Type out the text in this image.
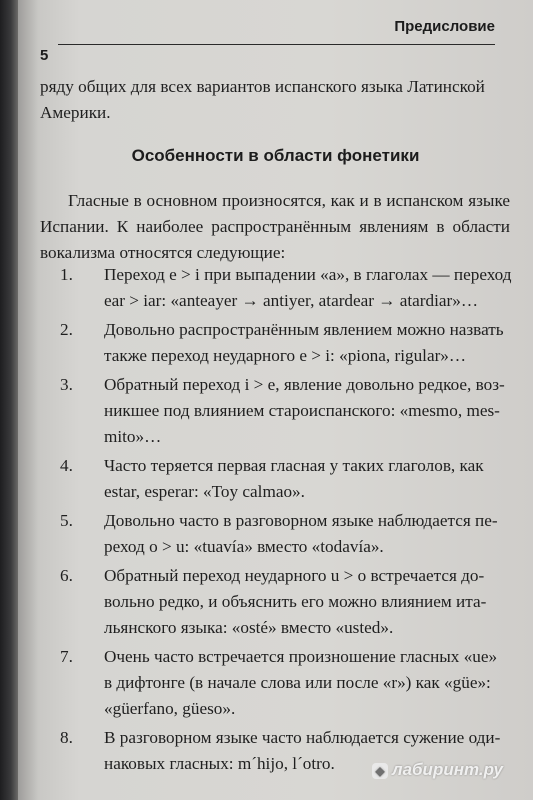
Предисловие
5
ряду общих для всех вариантов испанского языка Латинской
Америки.
Особенности в области фонетики
Гласные в основном произносятся, как и в испанском языке Испании. К наиболее распространённым явлениям в области вокализма относятся следующие:
1. Переход e > i при выпадении «a», в глаголах — переход
ear > iar: «anteayer → antiyer, atardear → atardiar»…
2. Довольно распространённым явлением можно назвать
также переход неударного e > i: «piona, rigular»…
3. Обратный переход i > e, явление довольно редкое, воз-
никшее под влиянием староиспанского: «mesmo, mes-
mito»…
4. Часто теряется первая гласная у таких глаголов, как
estar, esperar: «Toy calmao».
5. Довольно часто в разговорном языке наблюдается пе-
реход o > u: «tuavía» вместо «todavía».
6. Обратный переход неударного u > o встречается до-
вольно редко, и объяснить его можно влиянием ита-
льянского языка: «osté» вместо «usted».
7. Очень часто встречается произношение гласных «ue»
в дифтонге (в начале слова или после «r») как «güe»:
«güerfano, güeso».
8. В разговорном языке часто наблюдается сужение оди-
наковых гласных: m´hijo, l´otro.	◆ лабиринт.ру
